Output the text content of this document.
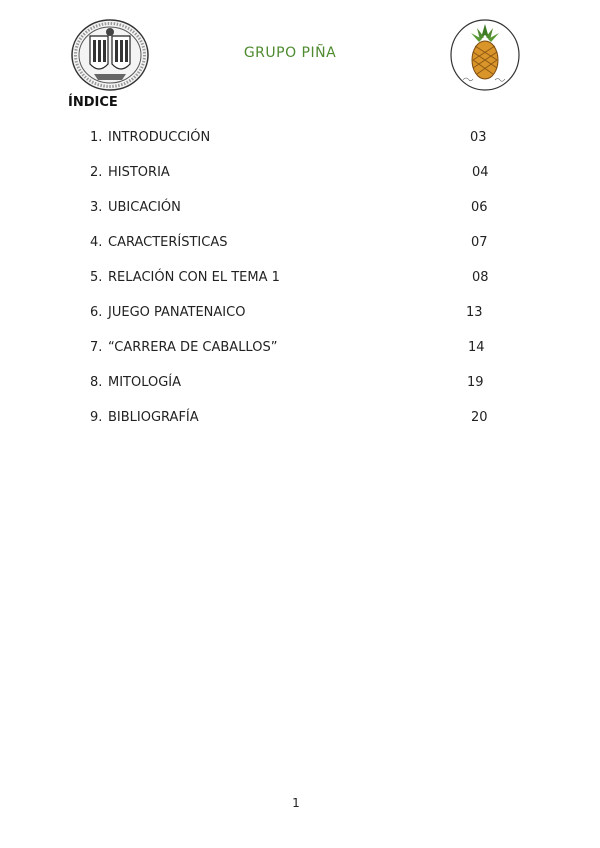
GRUPO PIÑA
ÍNDICE
1. INTRODUCCIÓN	03
2. HISTORIA	04
3. UBICACIÓN	06
4. CARACTERÍSTICAS	07
5. RELACIÓN CON EL TEMA 1	08
6. JUEGO PANATENAICO	13
7. “CARRERA DE CABALLOS”	14
8. MITOLOGÍA	19
9. BIBLIOGRAFÍA	20
1
